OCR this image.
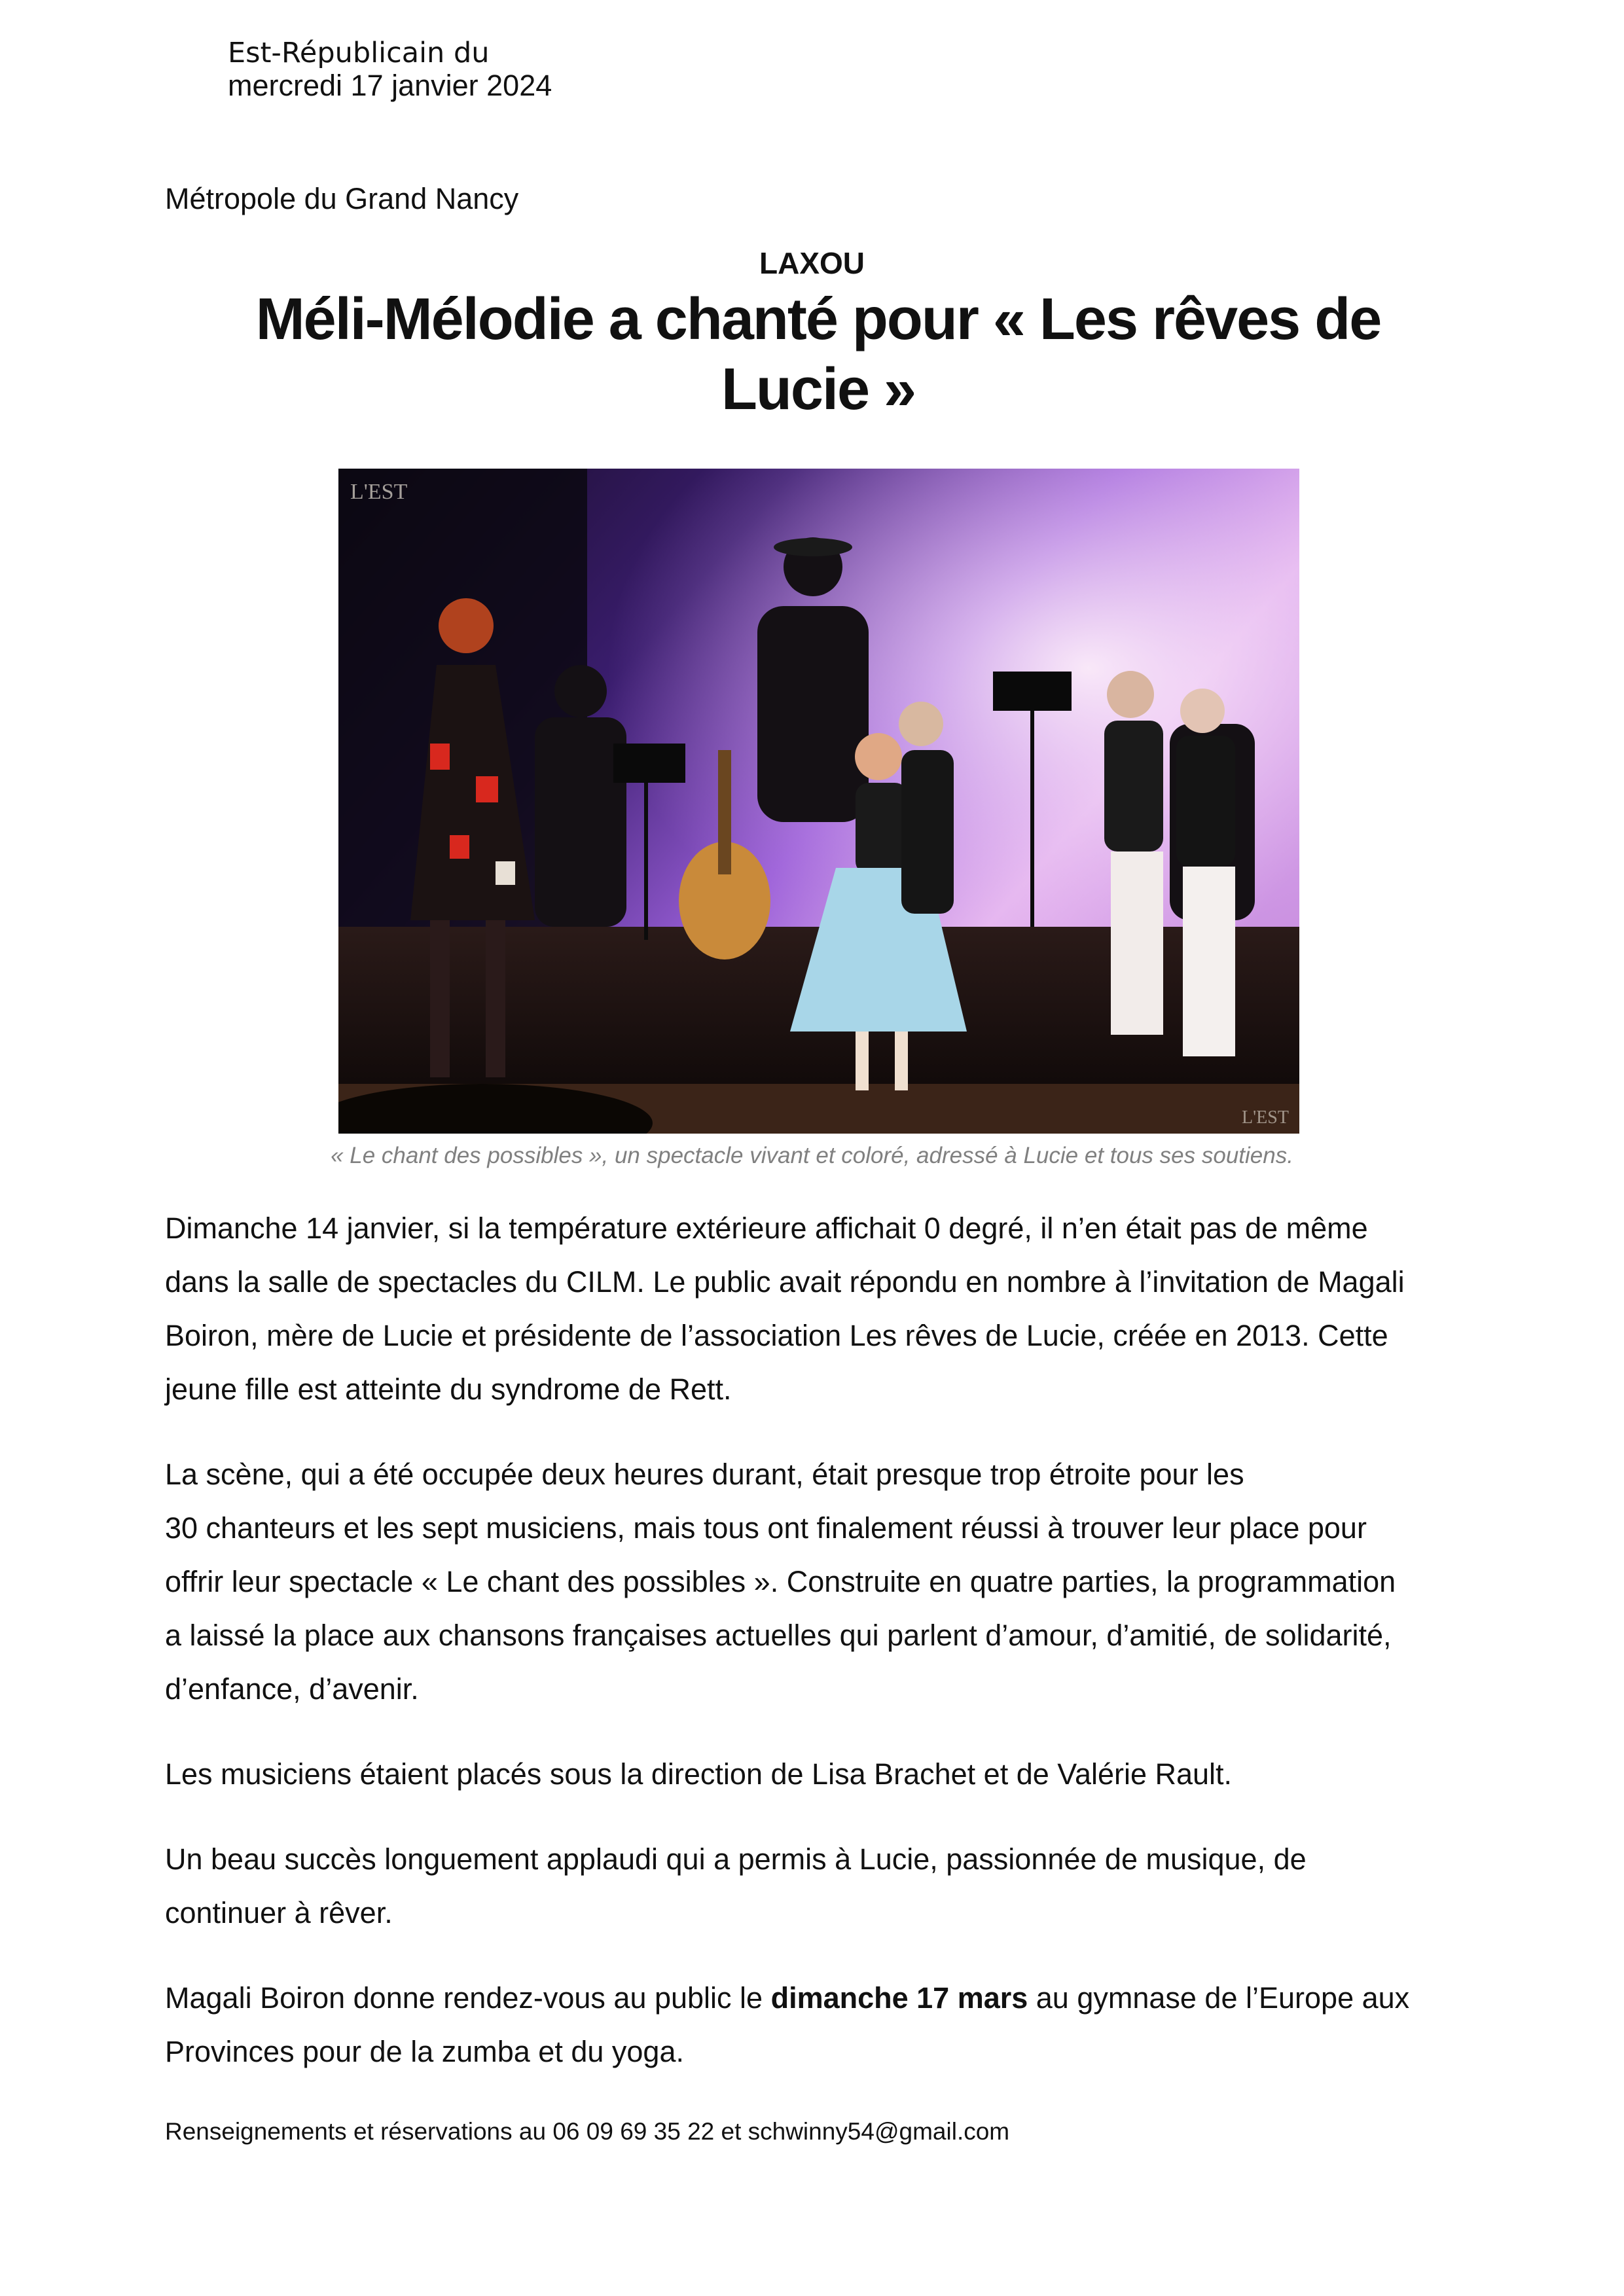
Est-Républicain du
mercredi 17 janvier 2024
Métropole du Grand Nancy
LAXOU
Méli-Mélodie a chanté pour « Les rêves de
Lucie »
L'EST
L'EST
« Le chant des possibles », un spectacle vivant et coloré, adressé à Lucie et tous ses soutiens.

Dimanche 14 janvier, si la température extérieure affichait 0 degré, il n’en était pas de même
dans la salle de spectacles du CILM. Le public avait répondu en nombre à l’invitation de Magali
Boiron, mère de Lucie et présidente de l’association Les rêves de Lucie, créée en 2013. Cette
jeune fille est atteinte du syndrome de Rett.

La scène, qui a été occupée deux heures durant, était presque trop étroite pour les
30 chanteurs et les sept musiciens, mais tous ont finalement réussi à trouver leur place pour
offrir leur spectacle « Le chant des possibles ». Construite en quatre parties, la programmation
a laissé la place aux chansons françaises actuelles qui parlent d’amour, d’amitié, de solidarité,
d’enfance, d’avenir.

Les musiciens étaient placés sous la direction de Lisa Brachet et de Valérie Rault.

Un beau succès longuement applaudi qui a permis à Lucie, passionnée de musique, de
continuer à rêver.

Magali Boiron donne rendez-vous au public le dimanche 17 mars au gymnase de l’Europe aux
Provinces pour de la zumba et du yoga.

Renseignements et réservations au 06 09 69 35 22 et schwinny54@gmail.com
